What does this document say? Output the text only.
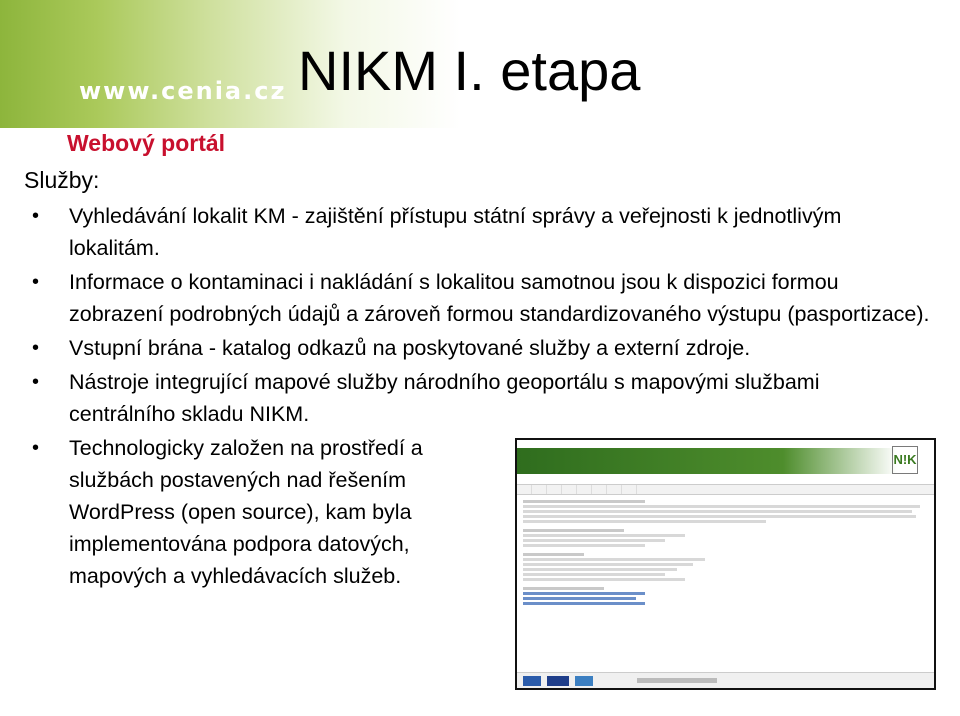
www.cenia.cz NIKM I. etapa
Webový portál
Služby:
• Vyhledávání lokalit KM - zajištění přístupu státní správy a veřejnosti k jednotlivým lokalitám.
• Informace o kontaminaci i nakládání s lokalitou samotnou jsou k dispozici formou zobrazení podrobných údajů a zároveň formou standardizovaného výstupu (pasportizace).
• Vstupní brána - katalog odkazů na poskytované služby a externí zdroje.
• Nástroje integrující mapové služby národního geoportálu s mapovými službami centrálního skladu NIKM.
• Technologicky založen na prostředí a službách postavených nad řešením WordPress (open source), kam byla implementována podpora datových, mapových a vyhledávacích služeb.
N!K
